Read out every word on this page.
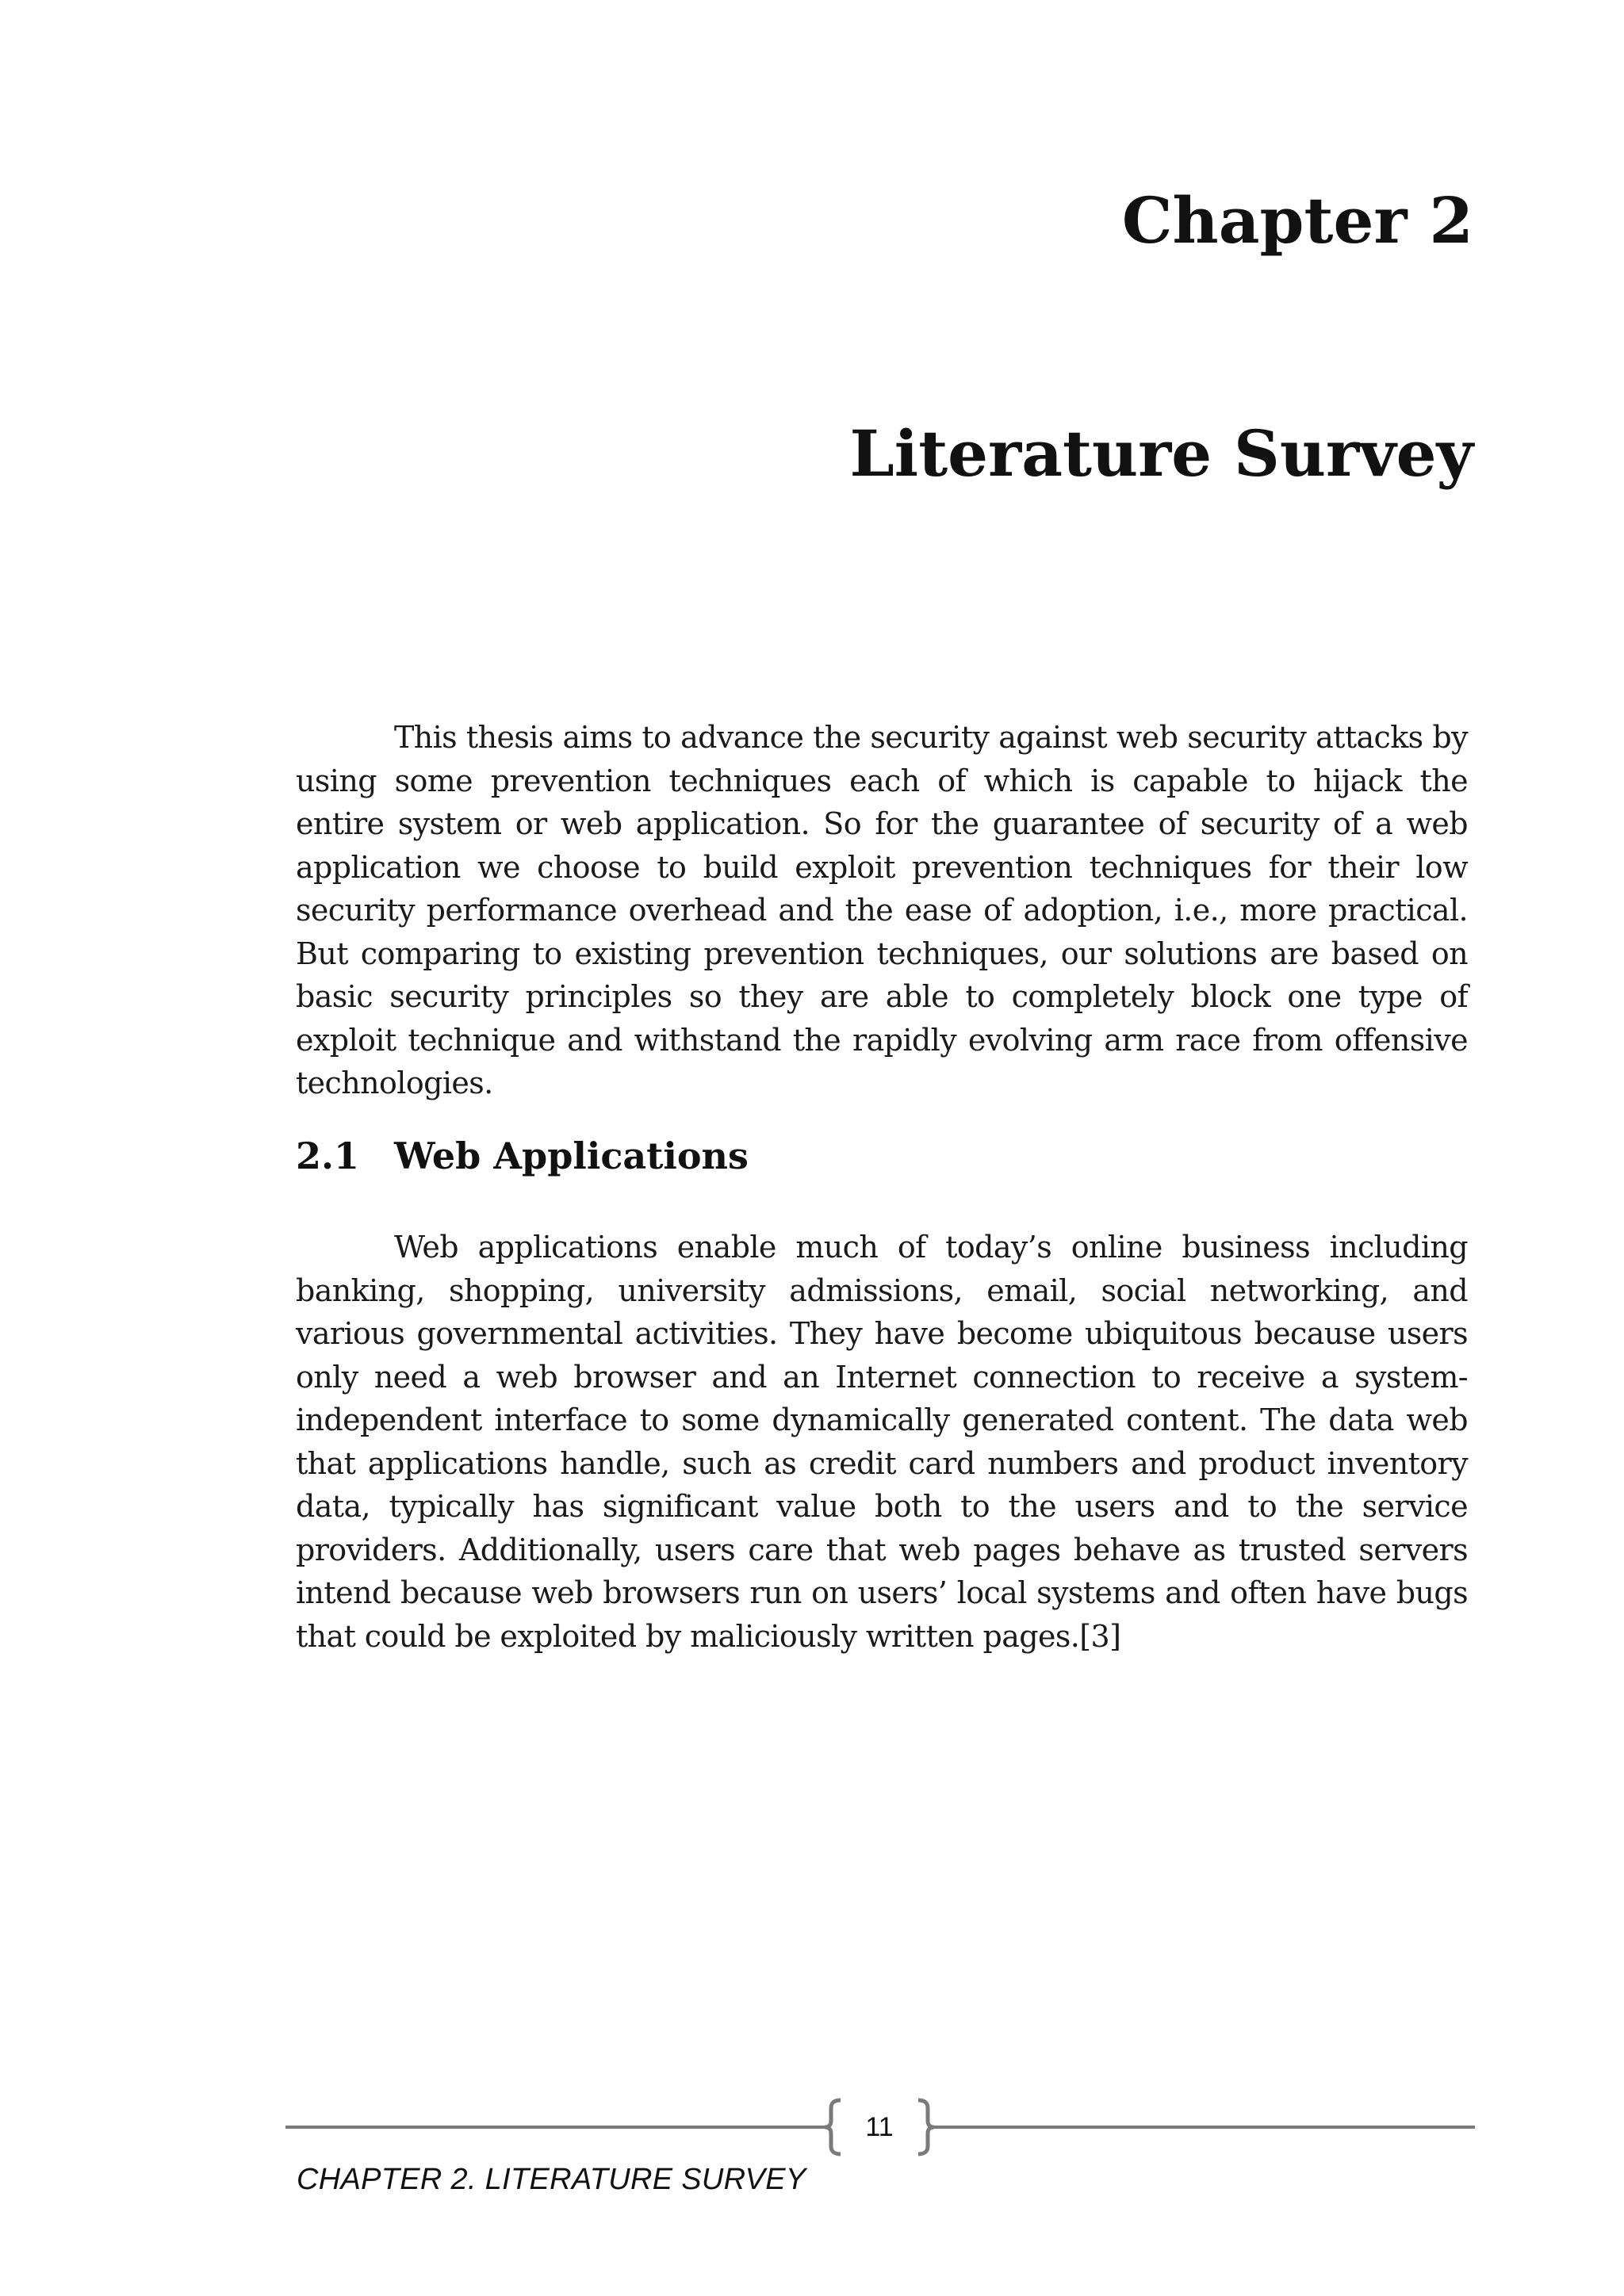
Chapter 2
Literature Survey

This thesis aims to advance the security against web security attacks by using some prevention techniques each of which is capable to hijack the entire system or web application. So for the guarantee of security of a web application we choose to build exploit prevention techniques for their low security performance overhead and the ease of adoption, i.e., more practical. But comparing to existing prevention techniques, our solutions are based on basic security principles so they are able to completely block one type of exploit technique and withstand the rapidly evolving arm race from offensive technologies.

2.1 Web Applications

Web applications enable much of today’s online business including banking, shopping, university admissions, email, social networking, and various governmental activities. They have become ubiquitous because users only need a web browser and an Internet connection to receive a system-independent interface to some dynamically generated content. The data web that applications handle, such as credit card numbers and product inventory data, typically has significant value both to the users and to the service providers. Additionally, users care that web pages behave as trusted servers intend because web browsers run on users’ local systems and often have bugs that could be exploited by maliciously written pages.[3]

11

CHAPTER 2. LITERATURE SURVEY
